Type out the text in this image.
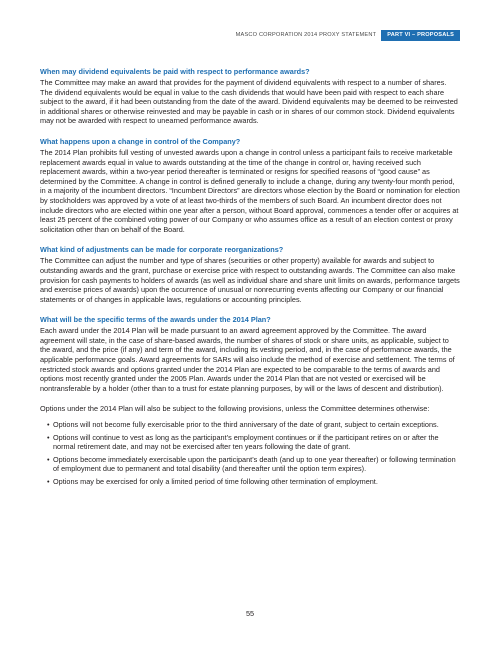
MASCO CORPORATION 2014 PROXY STATEMENT	PART VI – PROPOSALS

When may dividend equivalents be paid with respect to performance awards?

The Committee may make an award that provides for the payment of dividend equivalents with respect to a number of shares. The dividend equivalents would be equal in value to the cash dividends that would have been paid with respect to each share subject to the award, if it had been outstanding from the date of the award. Dividend equivalents may be deemed to be reinvested in additional shares or otherwise reinvested and may be payable in cash or in shares of our common stock. Dividend equivalents may not be awarded with respect to unearned performance awards.

What happens upon a change in control of the Company?

The 2014 Plan prohibits full vesting of unvested awards upon a change in control unless a participant fails to receive marketable replacement awards equal in value to awards outstanding at the time of the change in control or, having received such replacement awards, within a two-year period thereafter is terminated or resigns for specified reasons of “good cause” as determined by the Committee. A change in control is defined generally to include a change, during any twenty-four month period, in a majority of the incumbent directors. “Incumbent Directors” are directors whose election by the Board or nomination for election by stockholders was approved by a vote of at least two-thirds of the members of such Board. An incumbent director does not include directors who are elected within one year after a person, without Board approval, commences a tender offer or acquires at least 25 percent of the combined voting power of our Company or who assumes office as a result of an election contest or proxy solicitation other than on behalf of the Board.

What kind of adjustments can be made for corporate reorganizations?

The Committee can adjust the number and type of shares (securities or other property) available for awards and subject to outstanding awards and the grant, purchase or exercise price with respect to outstanding awards. The Committee can also make provision for cash payments to holders of awards (as well as individual share and share unit limits on awards, performance targets and exercise prices of awards) upon the occurrence of unusual or nonrecurring events affecting our Company or our financial statements or of changes in applicable laws, regulations or accounting principles.

What will be the specific terms of the awards under the 2014 Plan?

Each award under the 2014 Plan will be made pursuant to an award agreement approved by the Committee. The award agreement will state, in the case of share-based awards, the number of shares of stock or share units, as applicable, subject to the award, and the price (if any) and term of the award, including its vesting period, and, in the case of performance awards, the applicable performance goals. Award agreements for SARs will also include the method of exercise and settlement. The terms of restricted stock awards and options granted under the 2014 Plan are expected to be comparable to the terms of awards and options most recently granted under the 2005 Plan. Awards under the 2014 Plan that are not vested or exercised will be nontransferable by a holder (other than to a trust for estate planning purposes, by will or the laws of descent and distribution).

Options under the 2014 Plan will also be subject to the following provisions, unless the Committee determines otherwise:

• Options will not become fully exercisable prior to the third anniversary of the date of grant, subject to certain exceptions.
• Options will continue to vest as long as the participant’s employment continues or if the participant retires on or after the normal retirement date, and may not be exercised after ten years following the date of grant.
• Options become immediately exercisable upon the participant’s death (and up to one year thereafter) or following termination of employment due to permanent and total disability (and thereafter until the option term expires).
• Options may be exercised for only a limited period of time following other termination of employment.
55
